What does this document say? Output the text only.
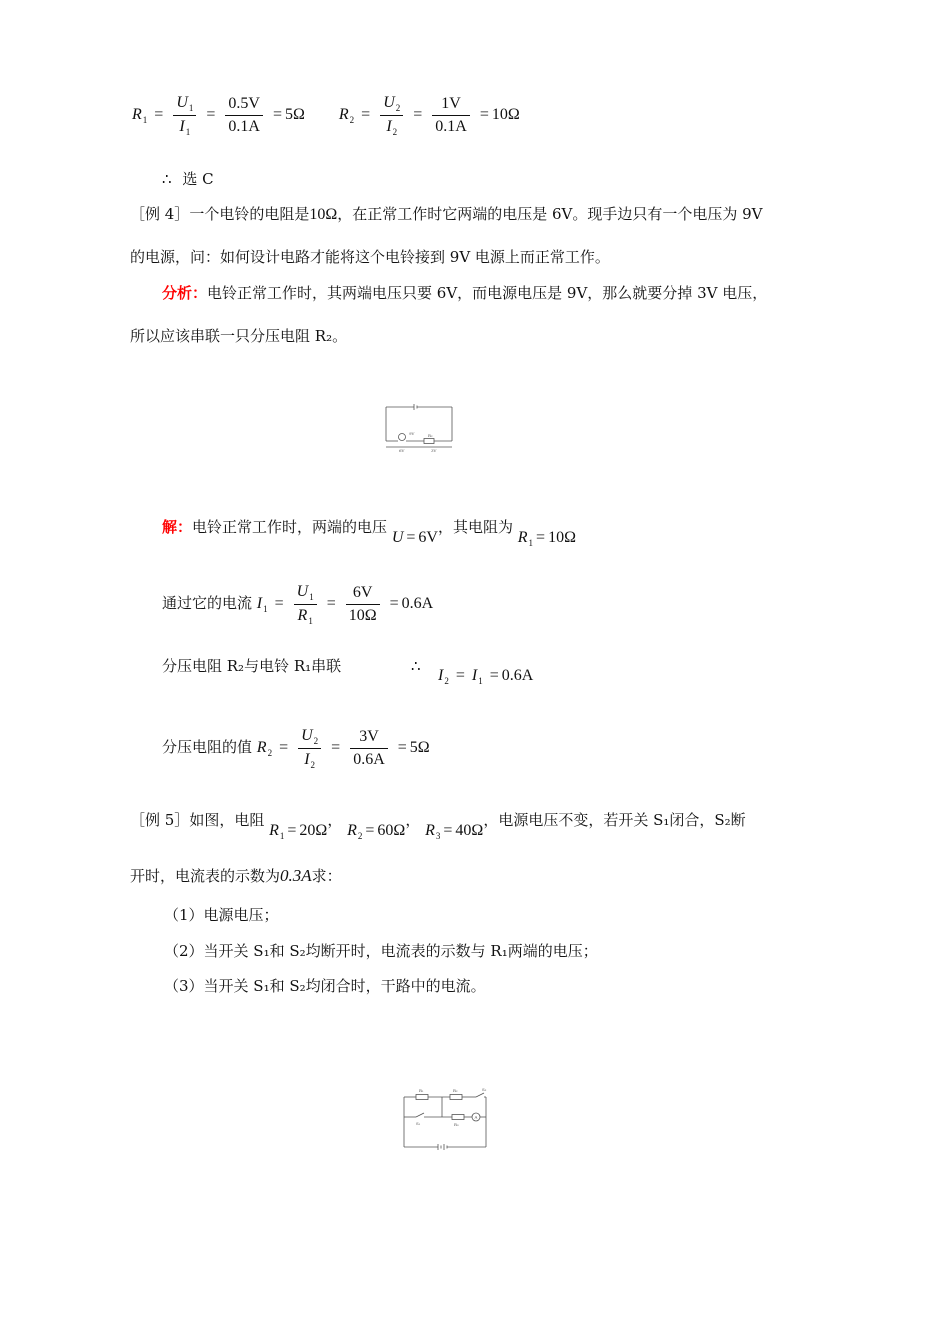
$R_1 = \frac{U_1}{I_1} = \frac{0.5V}{0.1A} = 5\Omega$ $R_2 = \frac{U_2}{I_2} = \frac{1V}{0.1A} = 10\Omega$
∴ 选 C
［例 4］一个电铃的电阻是10Ω，在正常工作时它两端的电压是 6V。现手边只有一个电压为 9V
的电源，问：如何设计电路才能将这个电铃接到 9V 电源上而正常工作。
分析：电铃正常工作时，其两端电压只要 6V，而电源电压是 9V，那么就要分掉 3V 电压，
所以应该串联一只分压电阻 R₂。
9V	R₂
6V	3V
解：电铃正常工作时，两端的电压 U = 6V，其电阻为 $R_1 = 10\Omega$
通过它的电流 $I_1 = \frac{U_1}{R_1} = \frac{6V}{10\Omega} = 0.6A$
分压电阻 R₂与电铃 R₁串联	∴
$I_2 = I_1 = 0.6A$
分压电阻的值 $R_2 = \frac{U_2}{I_2} = \frac{3V}{0.6A} = 5\Omega$
［例 5］如图，电阻 $R_1 = 20\Omega$， $R_2 = 60\Omega$， $R_3 = 40\Omega$，电源电压不变，若开关 S₁闭合，S₂断
开时，电流表的示数为0.3A求：
（1）电源电压；
（2）当开关 S₁和 S₂均断开时，电流表的示数与 R₁两端的电压；
（3）当开关 S₁和 S₂均闭合时，干路中的电流。
R₁	R₂
R₃
S₁
S₂
A
